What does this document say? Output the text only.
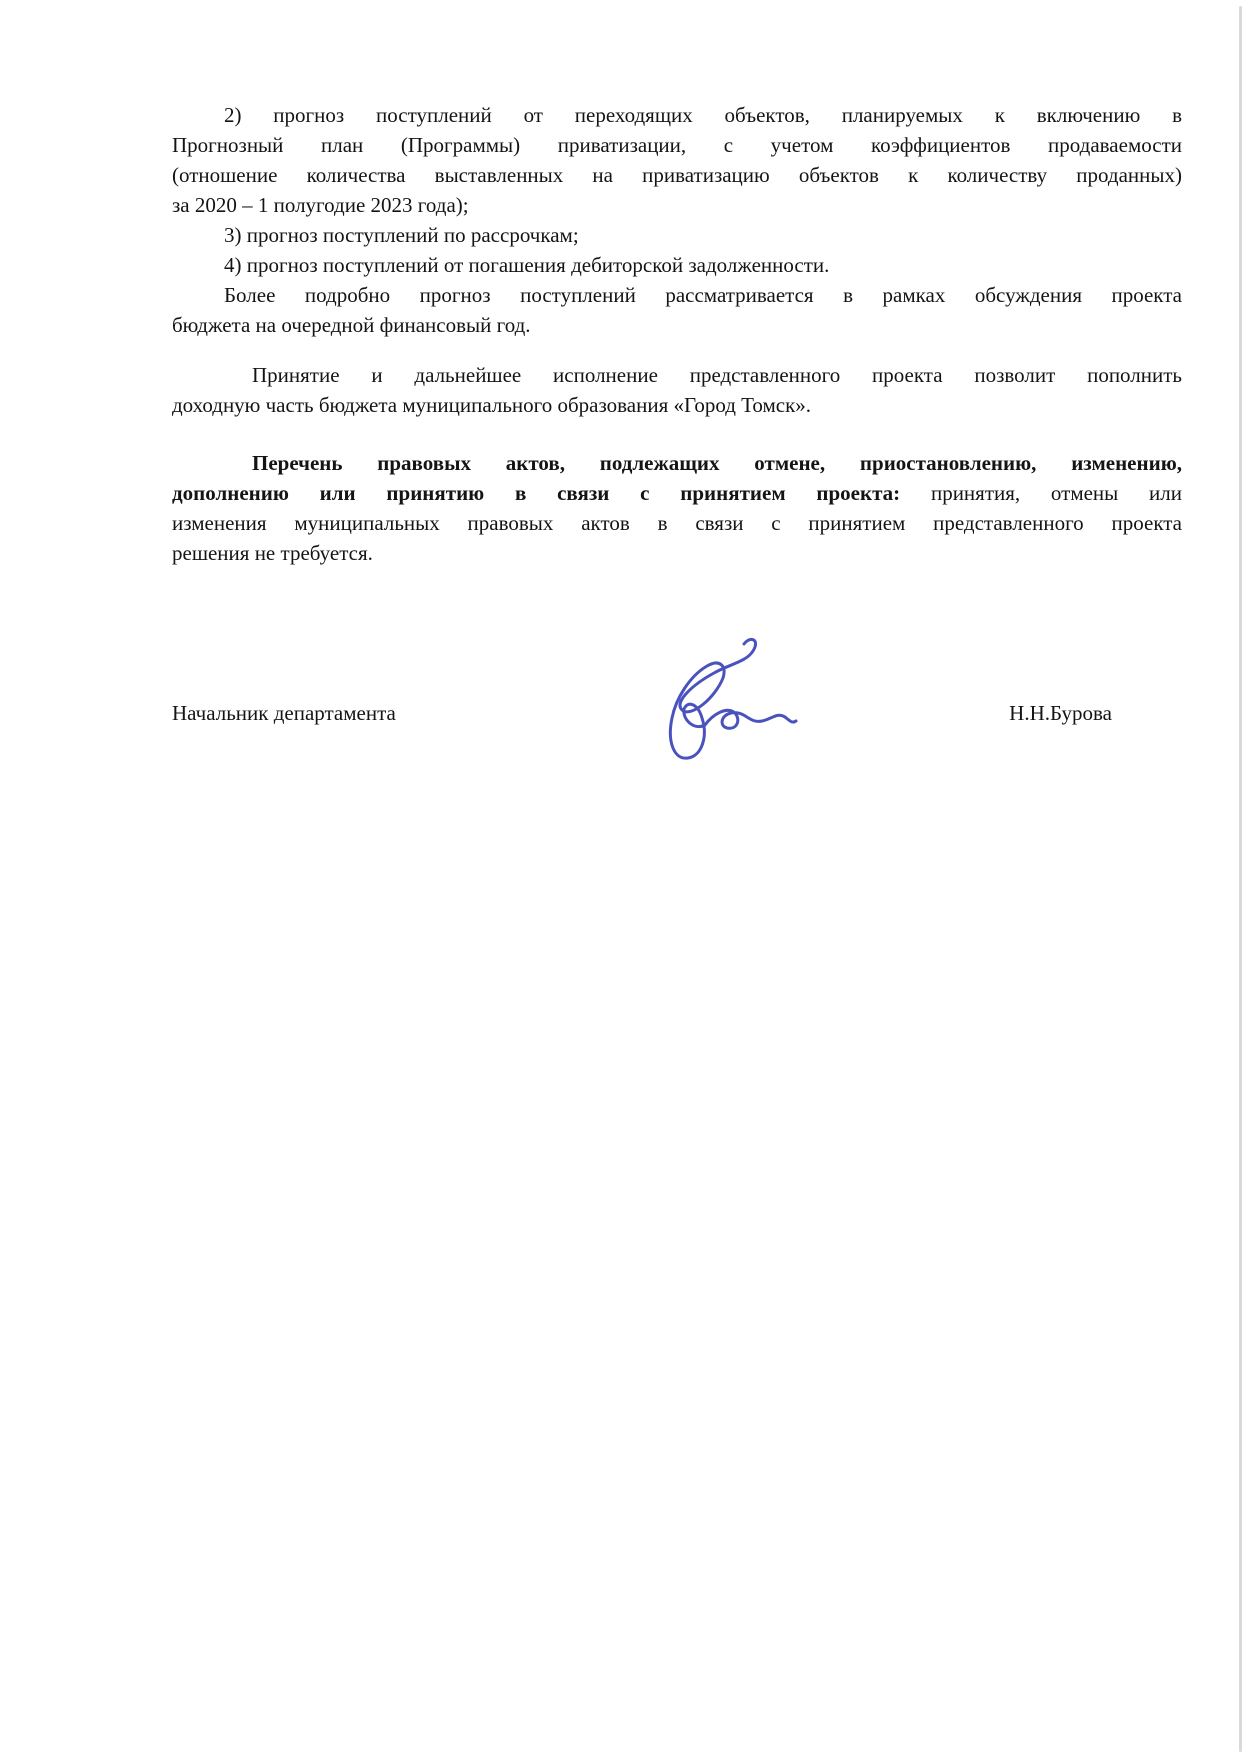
2) прогноз поступлений от переходящих объектов, планируемых к включению в
Прогнозный план (Программы) приватизации, с учетом коэффициентов продаваемости
(отношение количества выставленных на приватизацию объектов к количеству проданных)
за 2020 – 1 полугодие 2023 года);
3) прогноз поступлений по рассрочкам;
4) прогноз поступлений от погашения дебиторской задолженности.
Более подробно прогноз поступлений рассматривается в рамках обсуждения проекта
бюджета на очередной финансовый год.
Принятие и дальнейшее исполнение представленного проекта позволит пополнить
доходную часть бюджета муниципального образования «Город Томск».
Перечень правовых актов, подлежащих отмене, приостановлению, изменению,
дополнению или принятию в связи с принятием проекта: принятия, отмены или
изменения муниципальных правовых актов в связи с принятием представленного проекта
решения не требуется.
Начальник департамента	Н.Н.Бурова
